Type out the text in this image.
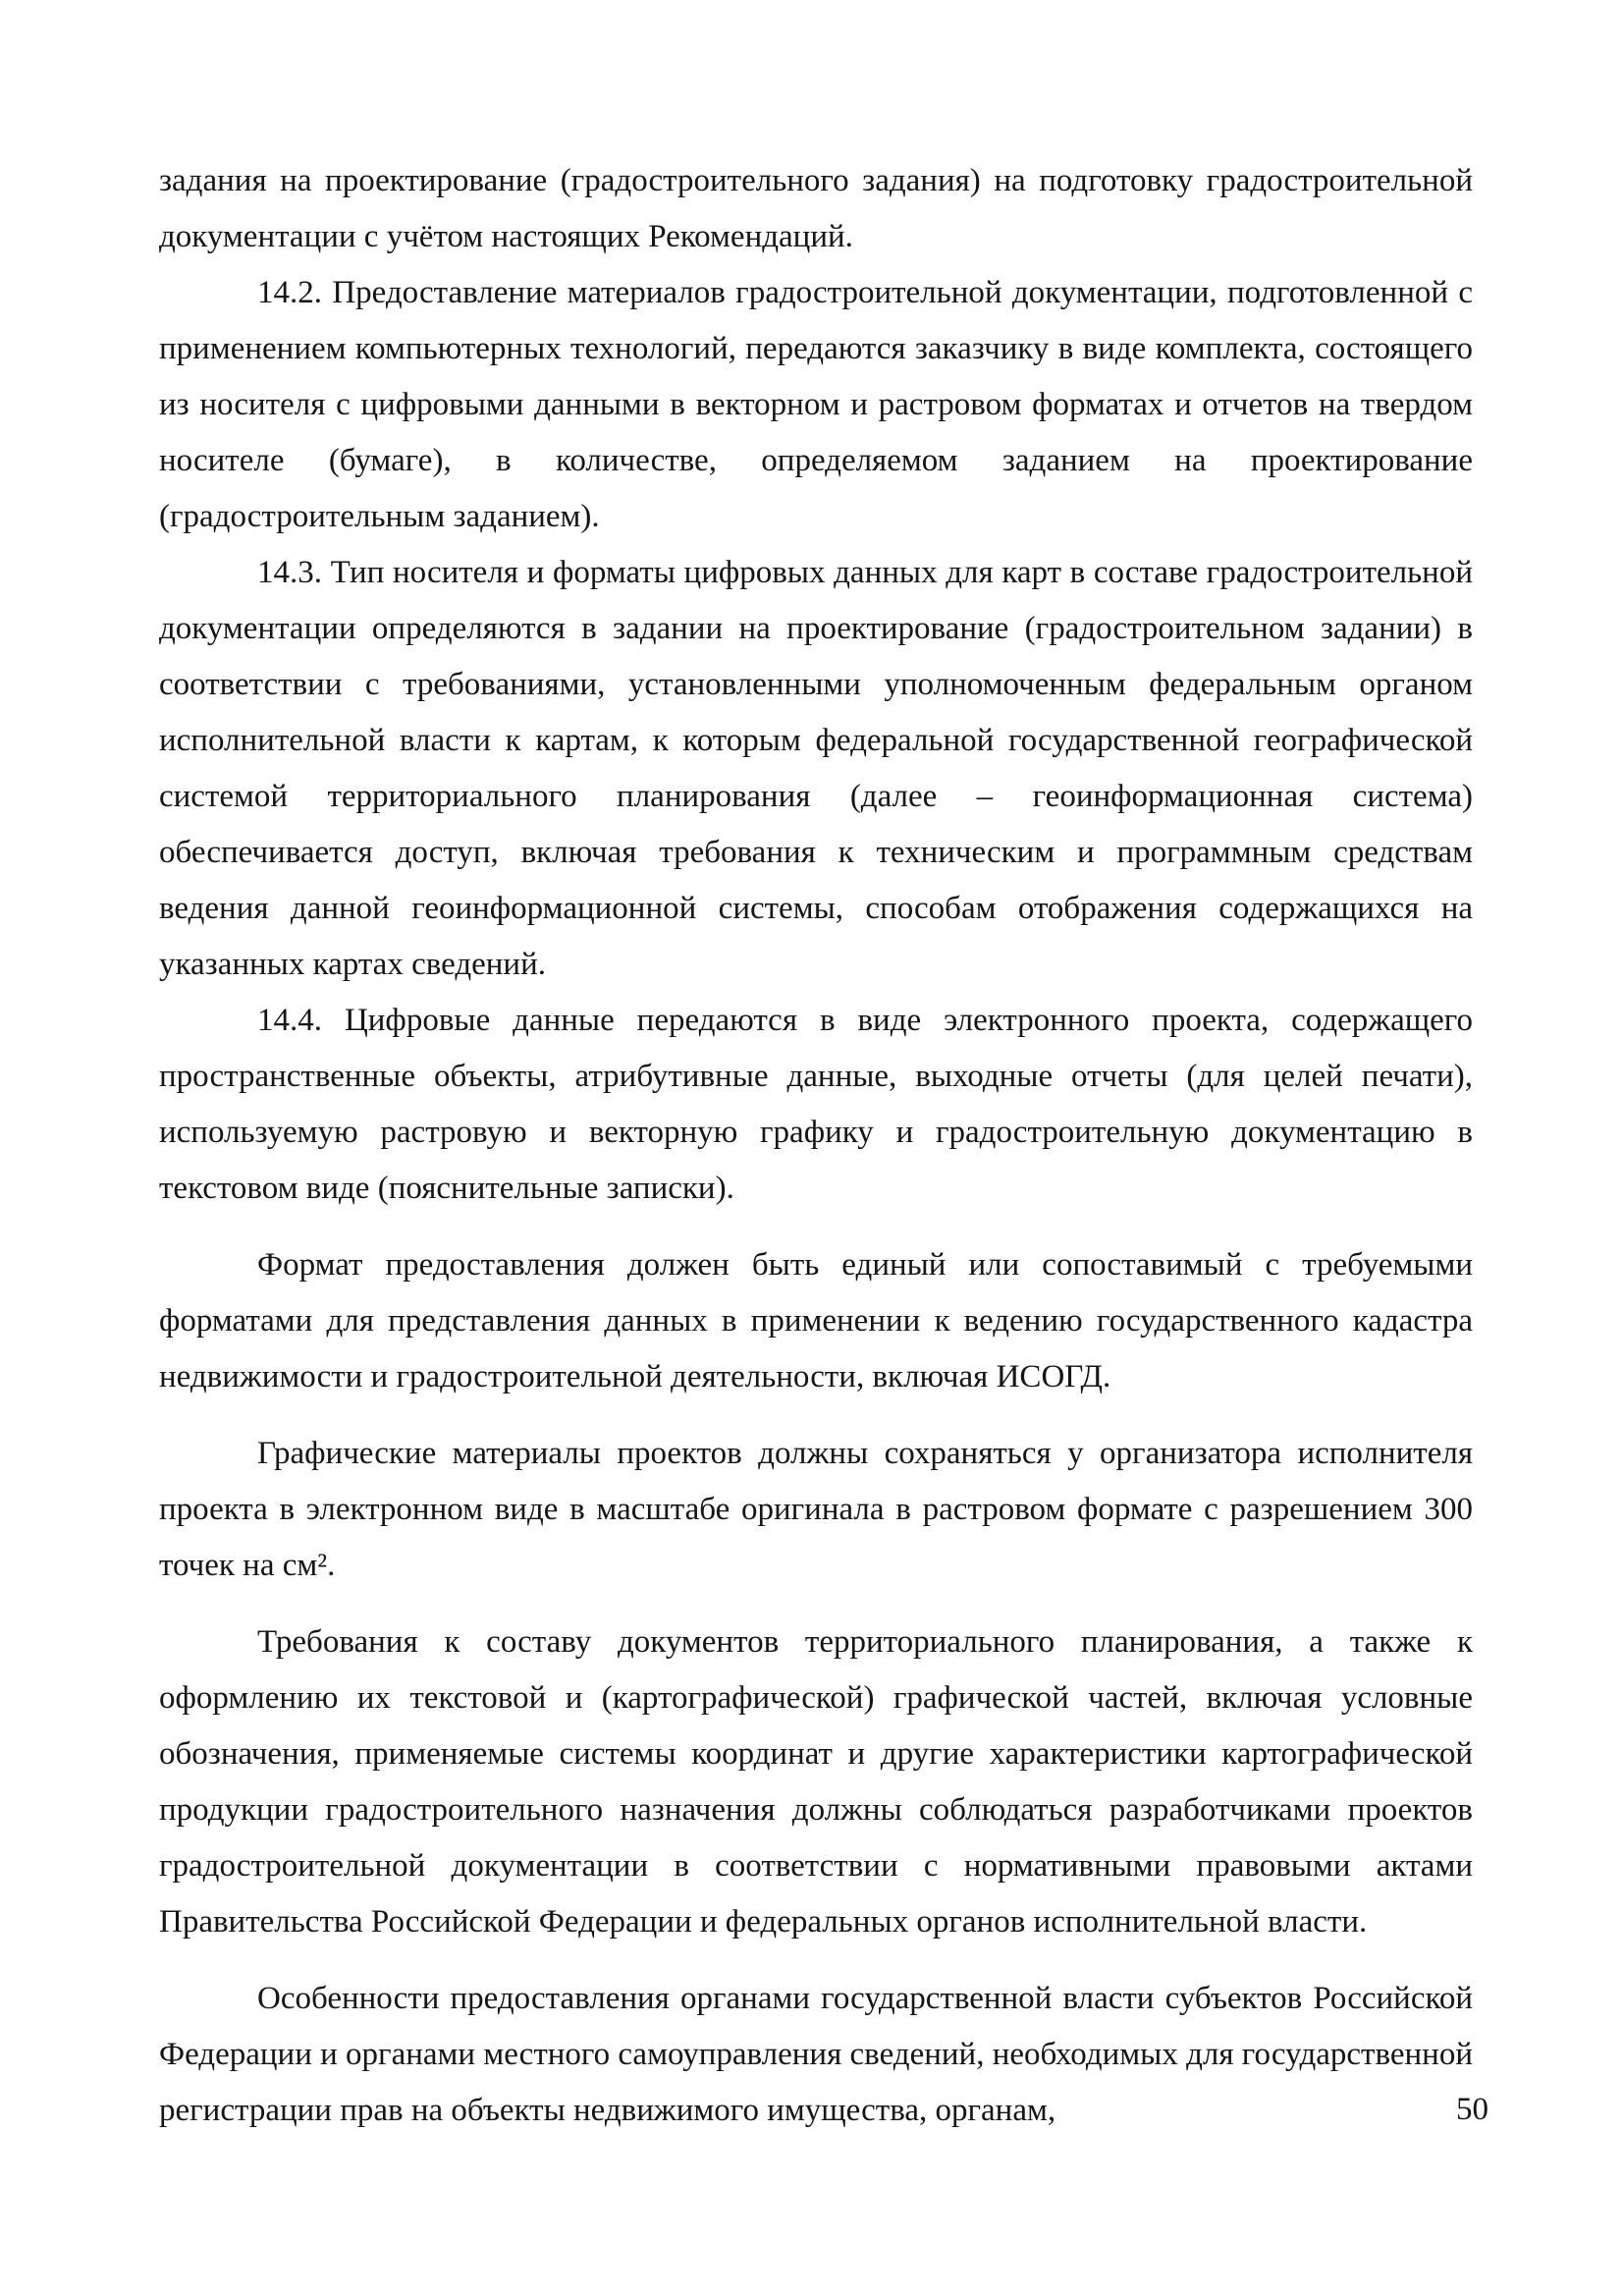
задания на проектирование (градостроительного задания) на подготовку градостроительной документации с учётом настоящих Рекомендаций.

14.2. Предоставление материалов градостроительной документации, подготовленной с применением компьютерных технологий, передаются заказчику в виде комплекта, состоящего из носителя с цифровыми данными в векторном и растровом форматах и отчетов на твердом носителе (бумаге), в количестве, определяемом заданием на проектирование (градостроительным заданием).

14.3. Тип носителя и форматы цифровых данных для карт в составе градостроительной документации определяются в задании на проектирование (градостроительном задании) в соответствии с требованиями, установленными уполномоченным федеральным органом исполнительной власти к картам, к которым федеральной государственной географической системой территориального планирования (далее – геоинформационная система) обеспечивается доступ, включая требования к техническим и программным средствам ведения данной геоинформационной системы, способам отображения содержащихся на указанных картах сведений.

14.4. Цифровые данные передаются в виде электронного проекта, содержащего пространственные объекты, атрибутивные данные, выходные отчеты (для целей печати), используемую растровую и векторную графику и градостроительную документацию в текстовом виде (пояснительные записки).

Формат предоставления должен быть единый или сопоставимый с требуемыми форматами для представления данных в применении к ведению государственного кадастра недвижимости и градостроительной деятельности, включая ИСОГД.

Графические материалы проектов должны сохраняться у организатора исполнителя проекта в электронном виде в масштабе оригинала в растровом формате с разрешением 300 точек на см².

Требования к составу документов территориального планирования, а также к оформлению их текстовой и (картографической) графической частей, включая условные обозначения, применяемые системы координат и другие характеристики картографической продукции градостроительного назначения должны соблюдаться разработчиками проектов градостроительной документации в соответствии с нормативными правовыми актами Правительства Российской Федерации и федеральных органов исполнительной власти.

Особенности предоставления органами государственной власти субъектов Российской Федерации и органами местного самоуправления сведений, необходимых для государственной регистрации прав на объекты недвижимого имущества, органам,	50
